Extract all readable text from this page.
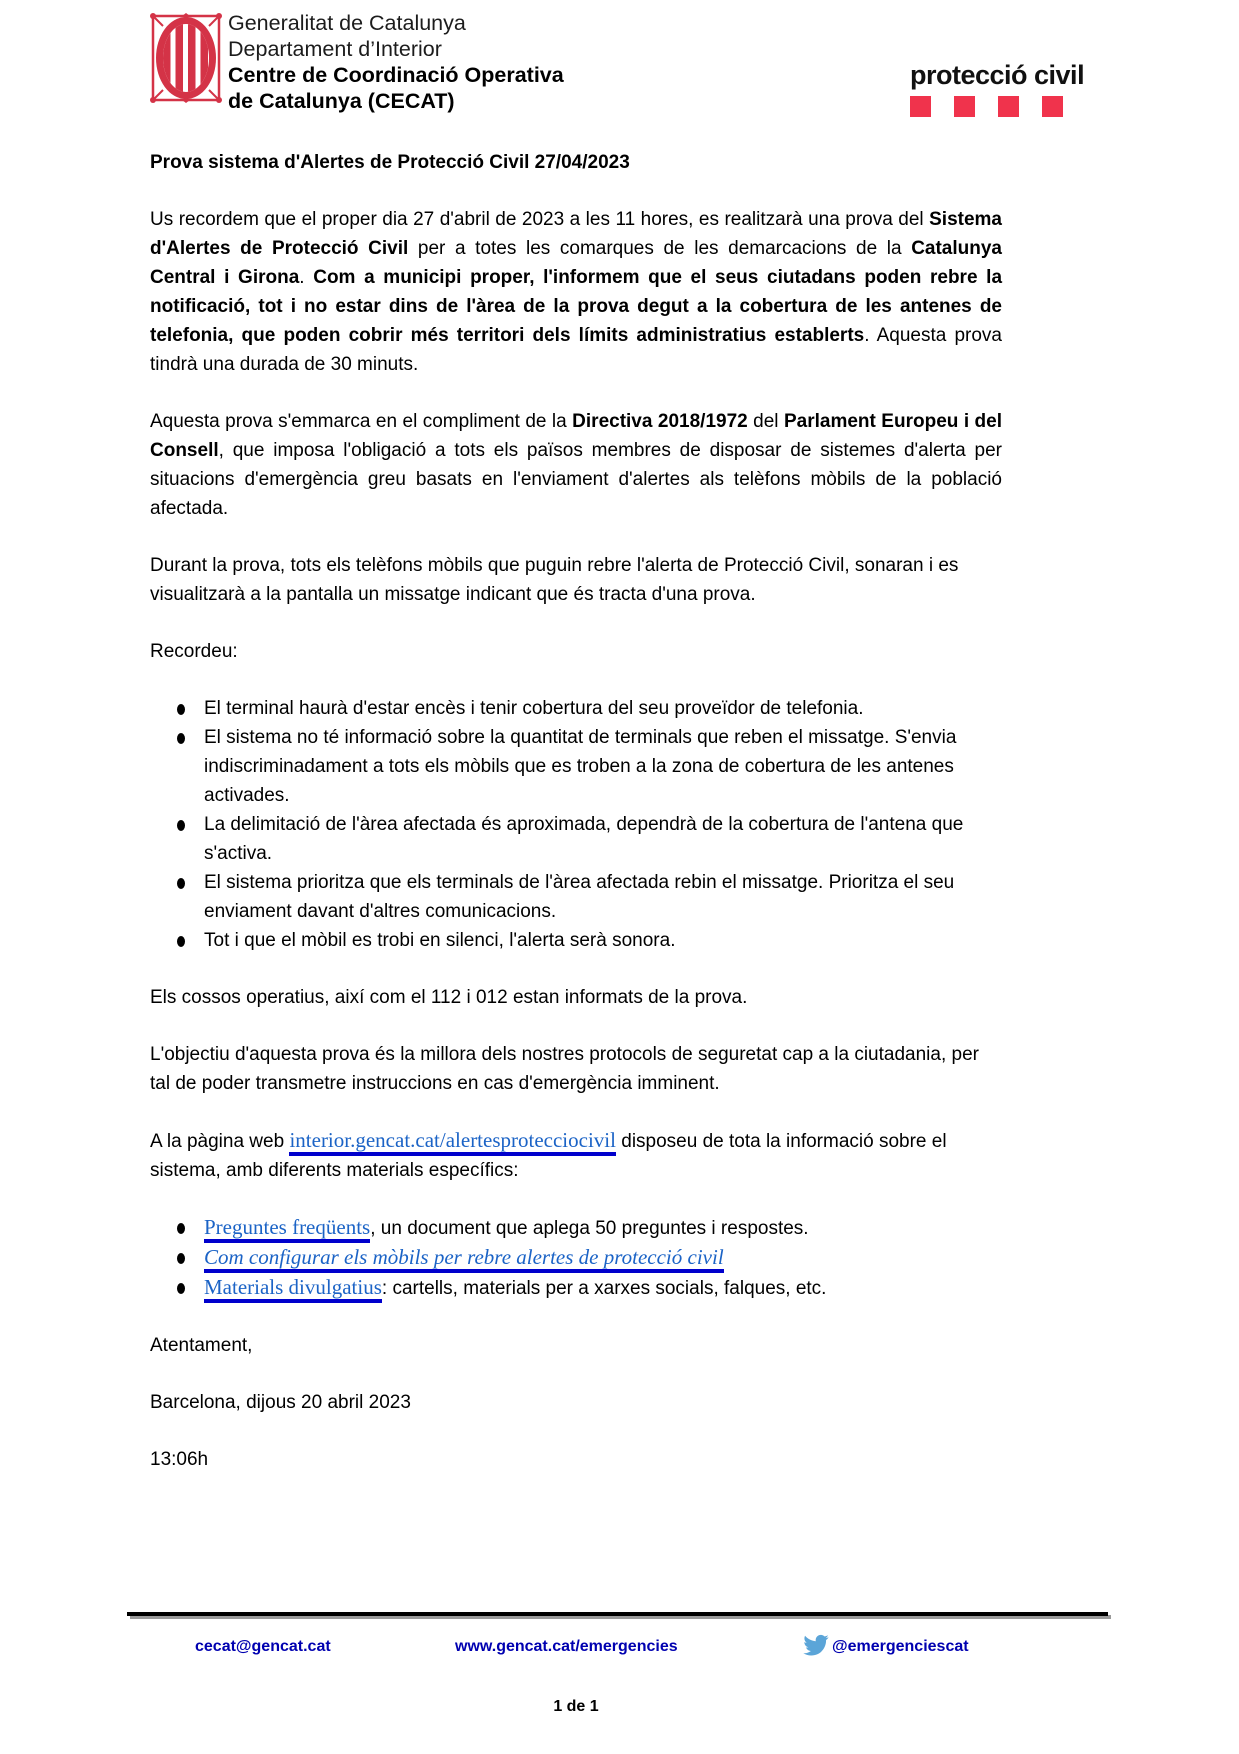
Generalitat de Catalunya
Departament d’Interior
Centre de Coordinació Operativa
de Catalunya (CECAT)
protecció civil

Prova sistema d'Alertes de Protecció Civil 27/04/2023

Us recordem que el proper dia 27 d'abril de 2023 a les 11 hores, es realitzarà una prova del Sistema d'Alertes de Protecció Civil per a totes les comarques de les demarcacions de la Catalunya Central i Girona. Com a municipi proper, l'informem que el seus ciutadans poden rebre la notificació, tot i no estar dins de l'àrea de la prova degut a la cobertura de les antenes de telefonia, que poden cobrir més territori dels límits administratius establerts. Aquesta prova tindrà una durada de 30 minuts.

Aquesta prova s'emmarca en el compliment de la Directiva 2018/1972 del Parlament Europeu i del Consell, que imposa l'obligació a tots els països membres de disposar de sistemes d'alerta per situacions d'emergència greu basats en l'enviament d'alertes als telèfons mòbils de la població afectada.

Durant la prova, tots els telèfons mòbils que puguin rebre l'alerta de Protecció Civil, sonaran i es visualitzarà a la pantalla un missatge indicant que és tracta d'una prova.

Recordeu:

El terminal haurà d'estar encès i tenir cobertura del seu proveïdor de telefonia.
El sistema no té informació sobre la quantitat de terminals que reben el missatge. S'envia indiscriminadament a tots els mòbils que es troben a la zona de cobertura de les antenes activades.
La delimitació de l'àrea afectada és aproximada, dependrà de la cobertura de l'antena que s'activa.
El sistema prioritza que els terminals de l'àrea afectada rebin el missatge. Prioritza el seu enviament davant d'altres comunicacions.
Tot i que el mòbil es trobi en silenci, l'alerta serà sonora.

Els cossos operatius, així com el 112 i 012 estan informats de la prova.

L'objectiu d'aquesta prova és la millora dels nostres protocols de seguretat cap a la ciutadania, per tal de poder transmetre instruccions en cas d'emergència imminent.

A la pàgina web interior.gencat.cat/alertesprotecciocivil disposeu de tota la informació sobre el sistema, amb diferents materials específics:

Preguntes freqüents, un document que aplega 50 preguntes i respostes.
Com configurar els mòbils per rebre alertes de protecció civil
Materials divulgatius: cartells, materials per a xarxes socials, falques, etc.

Atentament,

Barcelona, dijous 20 abril 2023

13:06h

cecat@gencat.cat	www.gencat.cat/emergencies	@emergenciescat
1 de 1
